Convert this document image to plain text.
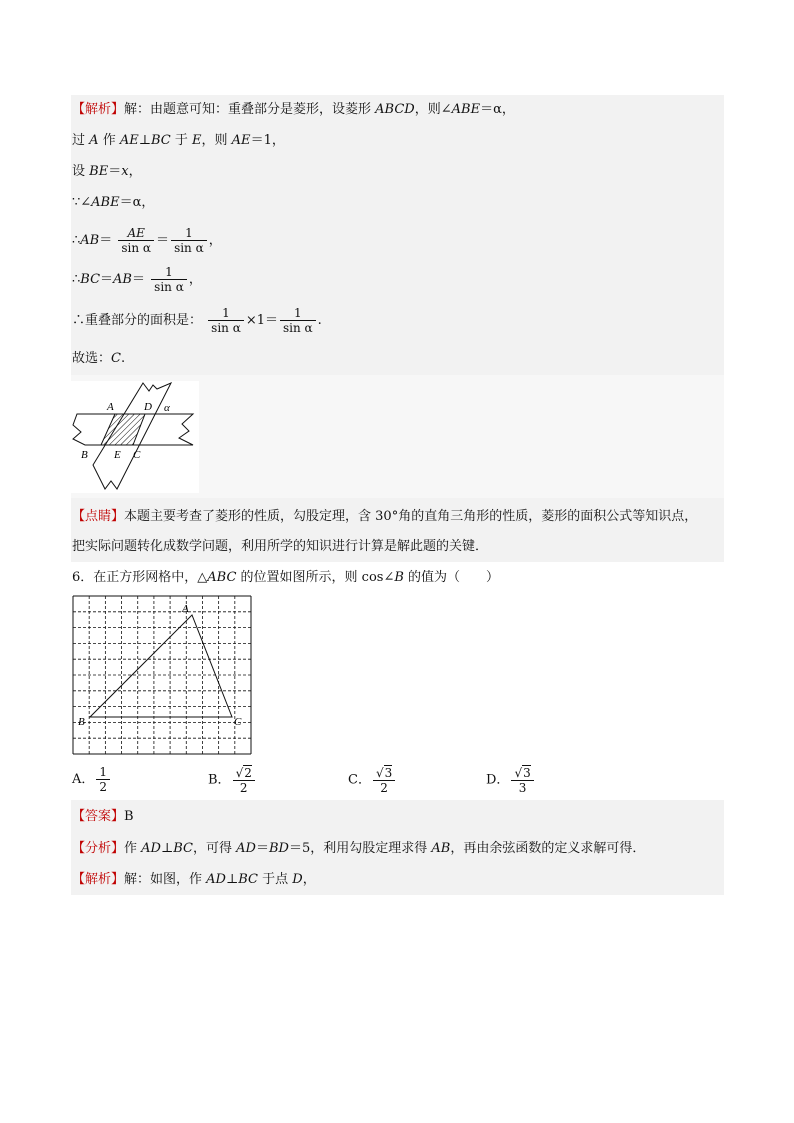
【解析】解：由题意可知：重叠部分是菱形，设菱形 ABCD，则∠ABE＝α，
过 A 作 AE⊥BC 于 E，则 AE＝1，
设 BE＝x，
∵∠ABE＝α，
∴AB＝ $\frac{AE}{\text{sin α}} = \frac{1}{\text{sin α}}$ ，
∴BC＝AB＝ $\frac{1}{\text{sin α}}$ ，
∴重叠部分的面积是： $\frac{1}{\text{sin α}} \times 1= \frac{1}{\text{sin α}}$ .
故选：C.
A	D α
B E C
【点睛】本题主要考查了菱形的性质，勾股定理，含 30°角的直角三角形的性质，菱形的面积公式等知识点，
把实际问题转化成数学问题，利用所学的知识进行计算是解此题的关键．
6．在正方形网格中，△ABC 的位置如图所示，则 cos∠B 的值为（　　）
A
B	C
A． $\frac{1}{2}$	B． $\frac{√2}{2}$	C． $\frac{√3}{2}$	D． $\frac{√3}{3}$
【答案】B
【分析】作 AD⊥BC，可得 AD＝BD＝5，利用勾股定理求得 AB，再由余弦函数的定义求解可得．
【解析】解：如图，作 AD⊥BC 于点 D，
